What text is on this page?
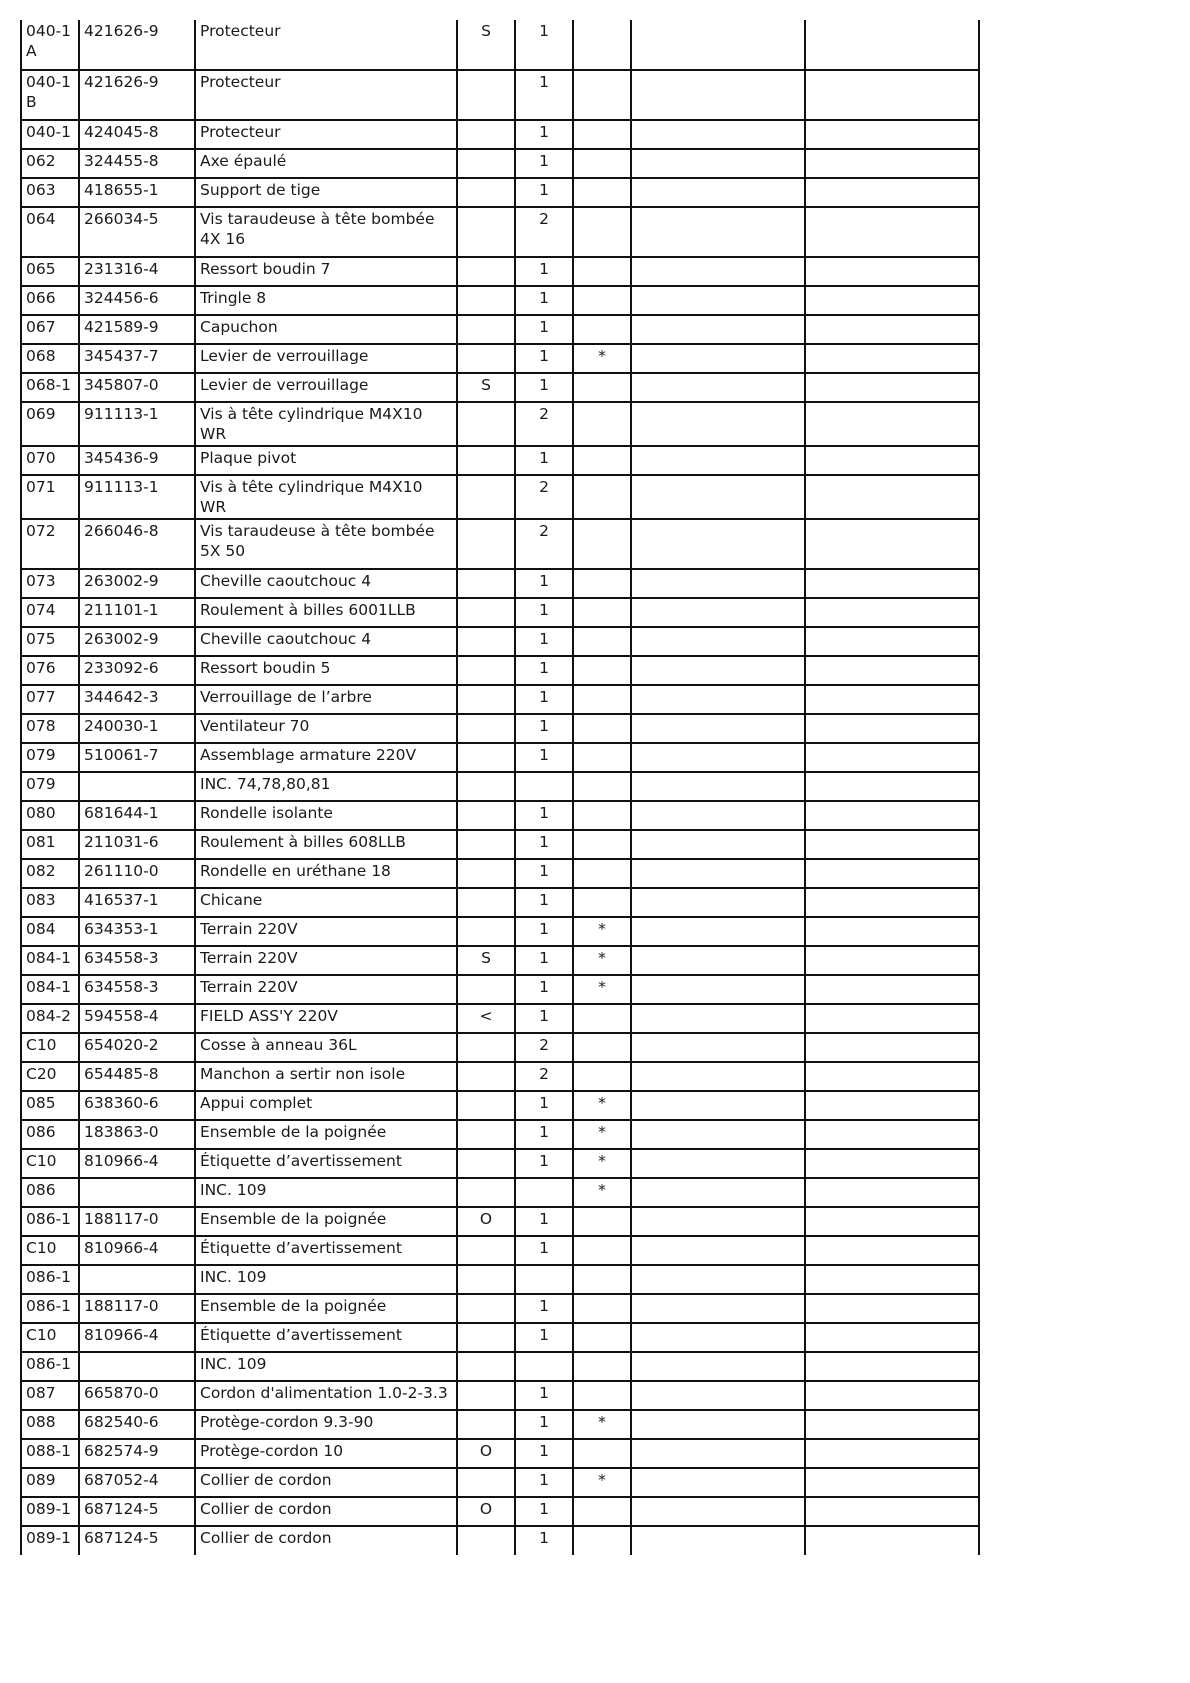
040-1 A	421626-9	Protecteur	S	1			
040-1 B	421626-9	Protecteur		1			
040-1	424045-8	Protecteur		1			
062	324455-8	Axe épaulé		1			
063	418655-1	Support de tige		1			
064	266034-5	Vis taraudeuse à tête bombée 4X 16		2			
065	231316-4	Ressort boudin 7		1			
066	324456-6	Tringle 8		1			
067	421589-9	Capuchon		1			
068	345437-7	Levier de verrouillage		1	*		
068-1	345807-0	Levier de verrouillage	S	1			
069	911113-1	Vis à tête cylindrique M4X10 WR		2			
070	345436-9	Plaque pivot		1			
071	911113-1	Vis à tête cylindrique M4X10 WR		2			
072	266046-8	Vis taraudeuse à tête bombée 5X 50		2			
073	263002-9	Cheville caoutchouc 4		1			
074	211101-1	Roulement à billes 6001LLB		1			
075	263002-9	Cheville caoutchouc 4		1			
076	233092-6	Ressort boudin 5		1			
077	344642-3	Verrouillage de l’arbre		1			
078	240030-1	Ventilateur 70		1			
079	510061-7	Assemblage armature 220V		1			
079		INC. 74,78,80,81					
080	681644-1	Rondelle isolante		1			
081	211031-6	Roulement à billes 608LLB		1			
082	261110-0	Rondelle en uréthane 18		1			
083	416537-1	Chicane		1			
084	634353-1	Terrain 220V		1	*		
084-1	634558-3	Terrain 220V	S	1	*		
084-1	634558-3	Terrain 220V		1	*		
084-2	594558-4	FIELD ASS'Y 220V	<	1			
C10	654020-2	Cosse à anneau 36L		2			
C20	654485-8	Manchon a sertir non isole		2			
085	638360-6	Appui complet		1	*		
086	183863-0	Ensemble de la poignée		1	*		
C10	810966-4	Étiquette d’avertissement		1	*		
086		INC. 109			*		
086-1	188117-0	Ensemble de la poignée	O	1			
C10	810966-4	Étiquette d’avertissement		1			
086-1		INC. 109					
086-1	188117-0	Ensemble de la poignée		1			
C10	810966-4	Étiquette d’avertissement		1			
086-1		INC. 109					
087	665870-0	Cordon d'alimentation 1.0-2-3.3		1			
088	682540-6	Protège-cordon 9.3-90		1	*		
088-1	682574-9	Protège-cordon 10	O	1			
089	687052-4	Collier de cordon		1	*		
089-1	687124-5	Collier de cordon	O	1			
089-1	687124-5	Collier de cordon		1			
